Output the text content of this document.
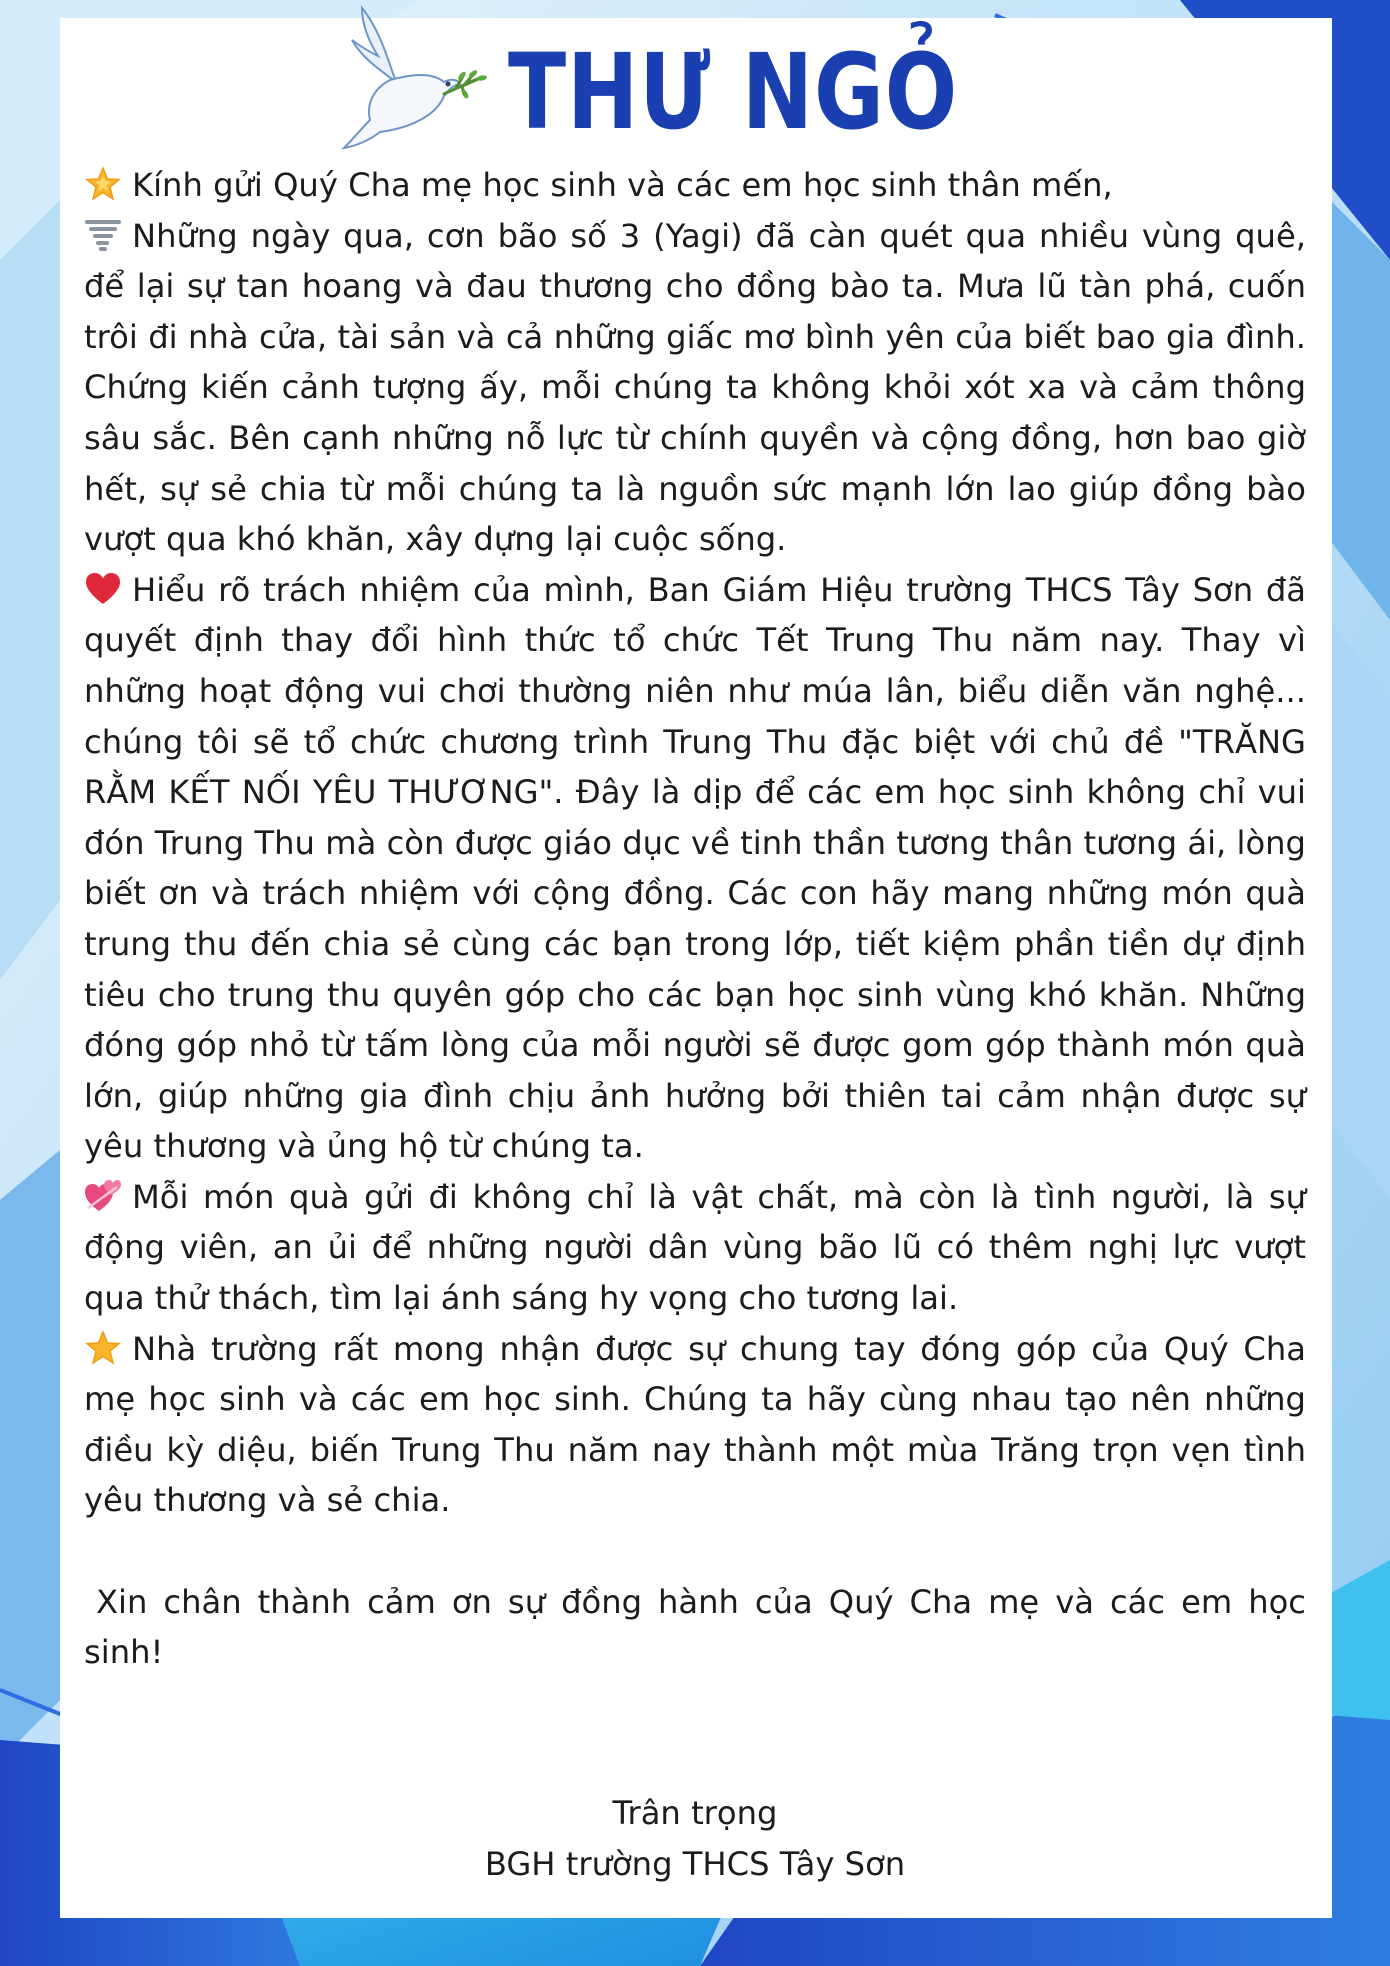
THƯ NGỎ

Kính gửi Quý Cha mẹ học sinh và các em học sinh thân mến,

Những ngày qua, cơn bão số 3 (Yagi) đã càn quét qua nhiều vùng quê, để lại sự tan hoang và đau thương cho đồng bào ta. Mưa lũ tàn phá, cuốn trôi đi nhà cửa, tài sản và cả những giấc mơ bình yên của biết bao gia đình. Chứng kiến cảnh tượng ấy, mỗi chúng ta không khỏi xót xa và cảm thông sâu sắc. Bên cạnh những nỗ lực từ chính quyền và cộng đồng, hơn bao giờ hết, sự sẻ chia từ mỗi chúng ta là nguồn sức mạnh lớn lao giúp đồng bào vượt qua khó khăn, xây dựng lại cuộc sống.

Hiểu rõ trách nhiệm của mình, Ban Giám Hiệu trường THCS Tây Sơn đã quyết định thay đổi hình thức tổ chức Tết Trung Thu năm nay. Thay vì những hoạt động vui chơi thường niên như múa lân, biểu diễn văn nghệ... chúng tôi sẽ tổ chức chương trình Trung Thu đặc biệt với chủ đề "TRĂNG RẰM KẾT NỐI YÊU THƯƠNG". Đây là dịp để các em học sinh không chỉ vui đón Trung Thu mà còn được giáo dục về tinh thần tương thân tương ái, lòng biết ơn và trách nhiệm với cộng đồng. Các con hãy mang những món quà trung thu đến chia sẻ cùng các bạn trong lớp, tiết kiệm phần tiền dự định tiêu cho trung thu quyên góp cho các bạn học sinh vùng khó khăn. Những đóng góp nhỏ từ tấm lòng của mỗi người sẽ được gom góp thành món quà lớn, giúp những gia đình chịu ảnh hưởng bởi thiên tai cảm nhận được sự yêu thương và ủng hộ từ chúng ta.

Mỗi món quà gửi đi không chỉ là vật chất, mà còn là tình người, là sự động viên, an ủi để những người dân vùng bão lũ có thêm nghị lực vượt qua thử thách, tìm lại ánh sáng hy vọng cho tương lai.

Nhà trường rất mong nhận được sự chung tay đóng góp của Quý Cha mẹ học sinh và các em học sinh. Chúng ta hãy cùng nhau tạo nên những điều kỳ diệu, biến Trung Thu năm nay thành một mùa Trăng trọn vẹn tình yêu thương và sẻ chia.

Xin chân thành cảm ơn sự đồng hành của Quý Cha mẹ và các em học sinh!

Trân trọng
BGH trường THCS Tây Sơn
